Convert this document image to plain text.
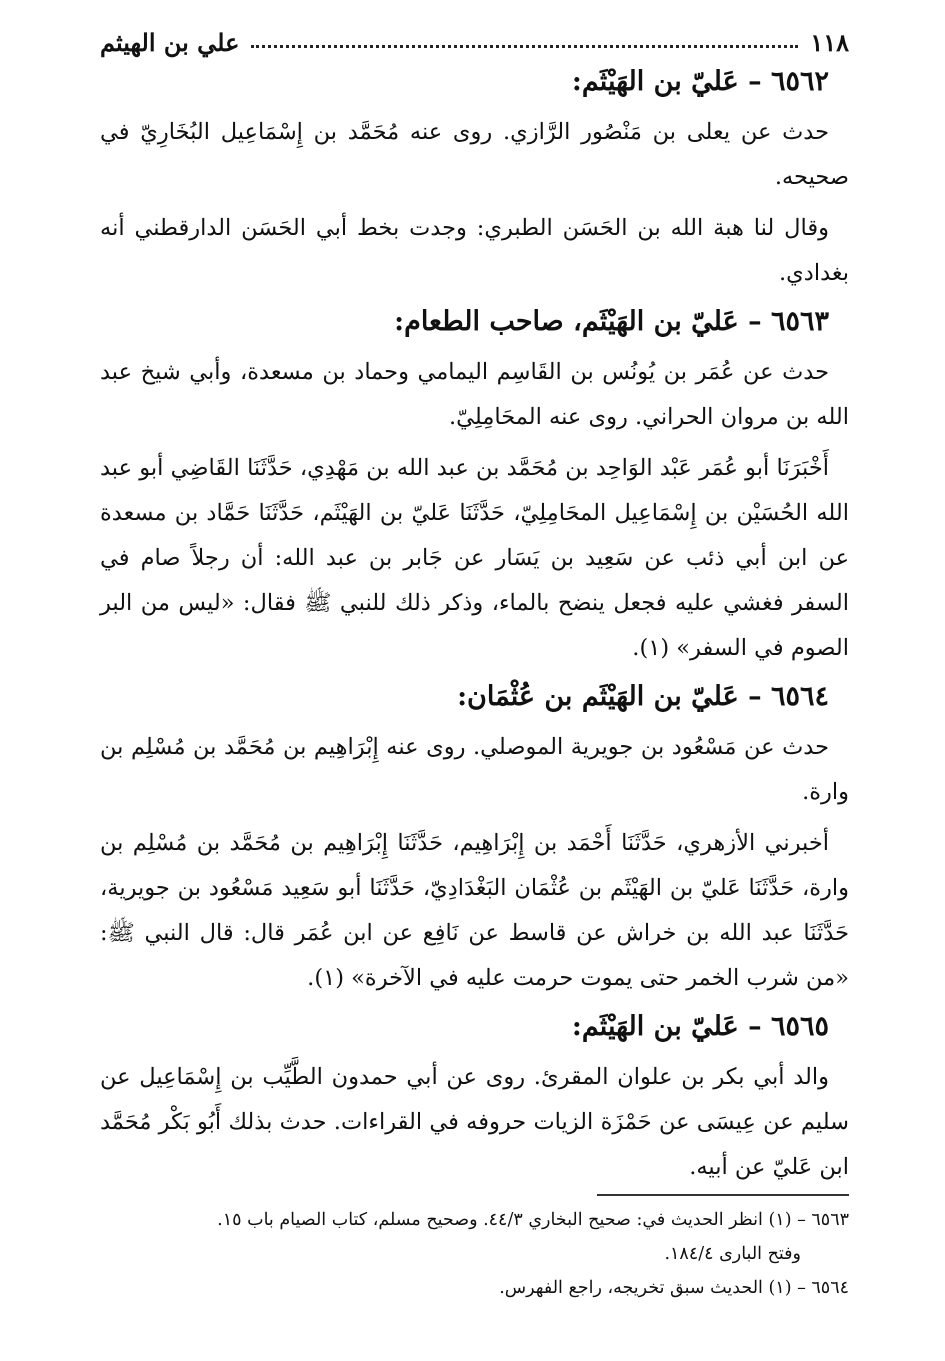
١١٨
علي بن الهيثم
٦٥٦٢ – عَليّ بن الهَيْثَم:

حدث عن يعلى بن مَنْصُور الرَّازي. روى عنه مُحَمَّد بن إِسْمَاعِيل البُخَارِيّ في صحيحه.

وقال لنا هبة الله بن الحَسَن الطبري: وجدت بخط أبي الحَسَن الدارقطني أنه بغدادي.

٦٥٦٣ – عَليّ بن الهَيْثَم، صاحب الطعام:

حدث عن عُمَر بن يُونُس بن القَاسِم اليمامي وحماد بن مسعدة، وأبي شيخ عبد الله بن مروان الحراني. روى عنه المحَامِلِيّ.

أَخْبَرَنَا أبو عُمَر عَبْد الوَاحِد بن مُحَمَّد بن عبد الله بن مَهْدِي، حَدَّثَنَا القَاضِي أبو عبد الله الحُسَيْن بن إِسْمَاعِيل المحَامِلِيّ، حَدَّثَنَا عَليّ بن الهَيْثَم، حَدَّثَنَا حَمَّاد بن مسعدة عن ابن أبي ذئب عن سَعِيد بن يَسَار عن جَابر بن عبد الله: أن رجلاً صام في السفر فغشي عليه فجعل ينضح بالماء، وذكر ذلك للنبي ﷺ فقال: «ليس من البر الصوم في السفر» (١).

٦٥٦٤ – عَليّ بن الهَيْثَم بن عُثْمَان:

حدث عن مَسْعُود بن جويرية الموصلي. روى عنه إِبْرَاهِيم بن مُحَمَّد بن مُسْلِم بن وارة.

أخبرني الأزهري، حَدَّثَنَا أَحْمَد بن إِبْرَاهِيم، حَدَّثَنَا إِبْرَاهِيم بن مُحَمَّد بن مُسْلِم بن وارة، حَدَّثَنَا عَليّ بن الهَيْثَم بن عُثْمَان البَغْدَادِيّ، حَدَّثَنَا أبو سَعِيد مَسْعُود بن جويرية، حَدَّثَنَا عبد الله بن خراش عن قاسط عن نَافِع عن ابن عُمَر قال: قال النبي ﷺ: «من شرب الخمر حتى يموت حرمت عليه في الآخرة» (١).

٦٥٦٥ – عَليّ بن الهَيْثَم:

والد أبي بكر بن علوان المقرئ. روى عن أبي حمدون الطَّيِّب بن إِسْمَاعِيل عن سليم عن عِيسَى عن حَمْزَة الزيات حروفه في القراءات. حدث بذلك أَبُو بَكْر مُحَمَّد ابن عَليّ عن أبيه.

٦٥٦٣ – (١) انظر الحديث في: صحيح البخاري ٤٤/٣. وصحيح مسلم، كتاب الصيام باب ١٥.

وفتح البارى ١٨٤/٤.

٦٥٦٤ – (١) الحديث سبق تخريجه، راجع الفهرس.
